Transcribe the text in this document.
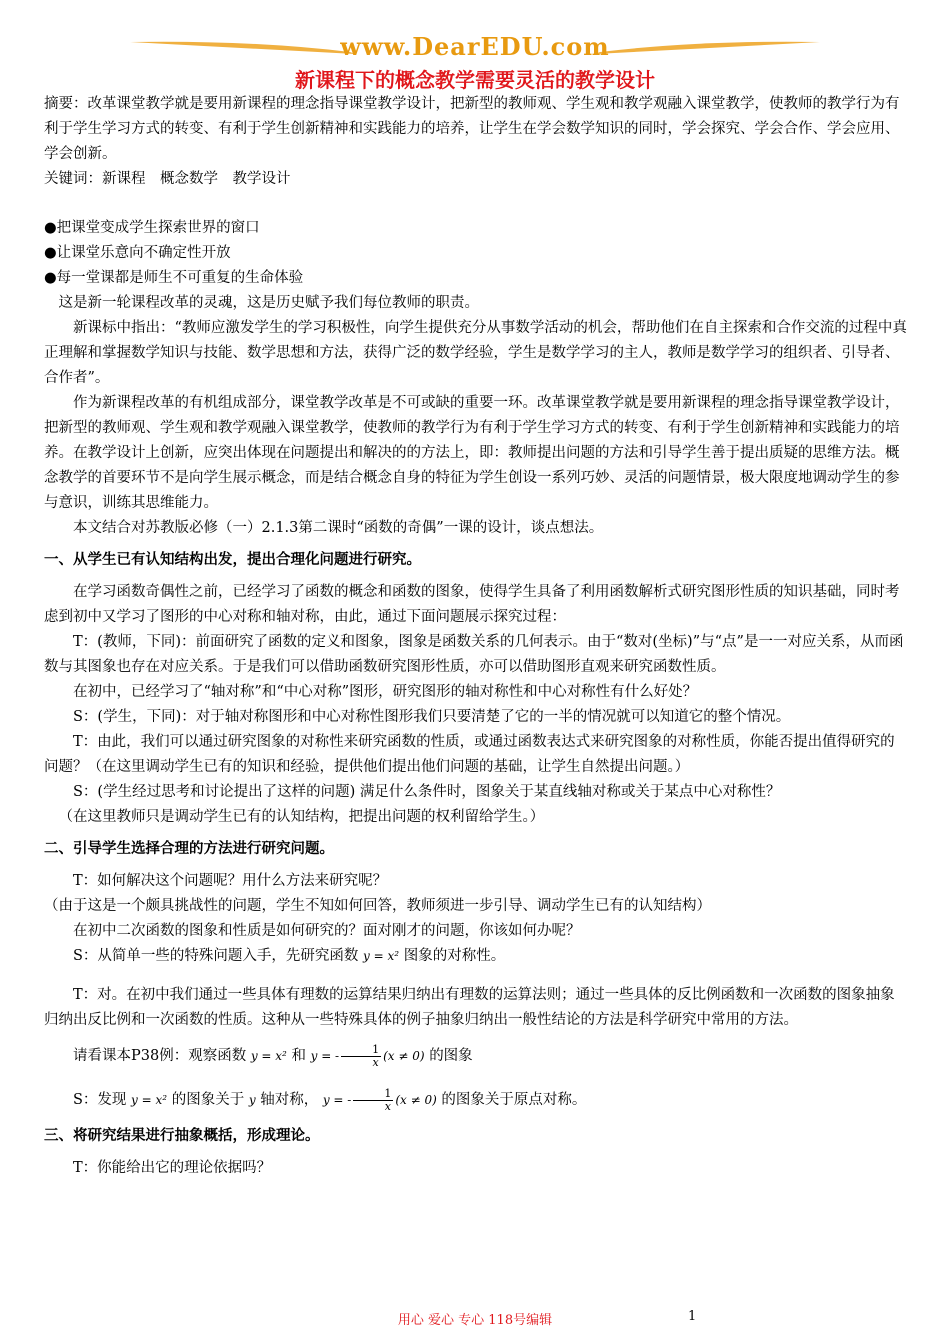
www.DearEDU.com
新课程下的概念教学需要灵活的教学设计

摘要：改革课堂教学就是要用新课程的理念指导课堂教学设计，把新型的教师观、学生观和教学观融入课堂教学，使教师的教学行为有利于学生学习方式的转变、有利于学生创新精神和实践能力的培养，让学生在学会数学知识的同时，学会探究、学会合作、学会应用、学会创新。

关键词：新课程　概念数学　教学设计

●把课堂变成学生探索世界的窗口

●让课堂乐意向不确定性开放

●每一堂课都是师生不可重复的生命体验

这是新一轮课程改革的灵魂，这是历史赋予我们每位教师的职责。

新课标中指出：“教师应激发学生的学习积极性，向学生提供充分从事数学活动的机会，帮助他们在自主探索和合作交流的过程中真正理解和掌握数学知识与技能、数学思想和方法，获得广泛的数学经验，学生是数学学习的主人，教师是数学学习的组织者、引导者、合作者”。

作为新课程改革的有机组成部分，课堂教学改革是不可或缺的重要一环。改革课堂教学就是要用新课程的理念指导课堂教学设计，把新型的教师观、学生观和教学观融入课堂教学，使教师的教学行为有利于学生学习方式的转变、有利于学生创新精神和实践能力的培养。在教学设计上创新，应突出体现在问题提出和解决的的方法上，即：教师提出问题的方法和引导学生善于提出质疑的思维方法。概念教学的首要环节不是向学生展示概念，而是结合概念自身的特征为学生创设一系列巧妙、灵活的问题情景，极大限度地调动学生的参与意识，训练其思维能力。

本文结合对苏教版必修（一）2.1.3第二课时“函数的奇偶”一课的设计，谈点想法。

一、从学生已有认知结构出发，提出合理化问题进行研究。

在学习函数奇偶性之前，已经学习了函数的概念和函数的图象，使得学生具备了利用函数解析式研究图形性质的知识基础，同时考虑到初中又学习了图形的中心对称和轴对称，由此，通过下面问题展示探究过程：

T：(教师，下同)：前面研究了函数的定义和图象，图象是函数关系的几何表示。由于“数对(坐标)”与“点”是一一对应关系，从而函数与其图象也存在对应关系。于是我们可以借助函数研究图形性质，亦可以借助图形直观来研究函数性质。

在初中，已经学习了“轴对称”和“中心对称”图形，研究图形的轴对称性和中心对称性有什么好处？

S：(学生，下同)：对于轴对称图形和中心对称性图形我们只要清楚了它的一半的情况就可以知道它的整个情况。

T：由此，我们可以通过研究图象的对称性来研究函数的性质，或通过函数表达式来研究图象的对称性质，你能否提出值得研究的问题？（在这里调动学生已有的知识和经验，提供他们提出他们问题的基础，让学生自然提出问题。）

S：(学生经过思考和讨论提出了这样的问题) 满足什么条件时，图象关于某直线轴对称或关于某点中心对称性？

（在这里教师只是调动学生已有的认知结构，把提出问题的权利留给学生。）

二、引导学生选择合理的方法进行研究问题。

T：如何解决这个问题呢？用什么方法来研究呢？

（由于这是一个颇具挑战性的问题，学生不知如何回答，教师须进一步引导、调动学生已有的认知结构）

在初中二次函数的图象和性质是如何研究的？面对刚才的问题，你该如何办呢？

S：从简单一些的特殊问题入手，先研究函数 y = x² 图象的对称性。

T：对。在初中我们通过一些具体有理数的运算结果归纳出有理数的运算法则；通过一些具体的反比例函数和一次函数的图象抽象归纳出反比例和一次函数的性质。这种从一些特殊具体的例子抽象归纳出一般性结论的方法是科学研究中常用的方法。

请看课本P38例：观察函数 y = x² 和 y = - $\frac{1}{x} (x \ne 0)$ 的图象

S：发现 y = x² 的图象关于 y 轴对称， y = - $\frac{1}{x} (x \ne 0)$ 的图象关于原点对称。

三、将研究结果进行抽象概括，形成理论。

T：你能给出它的理论依据吗？

用心 爱心 专心 118号编辑	1
